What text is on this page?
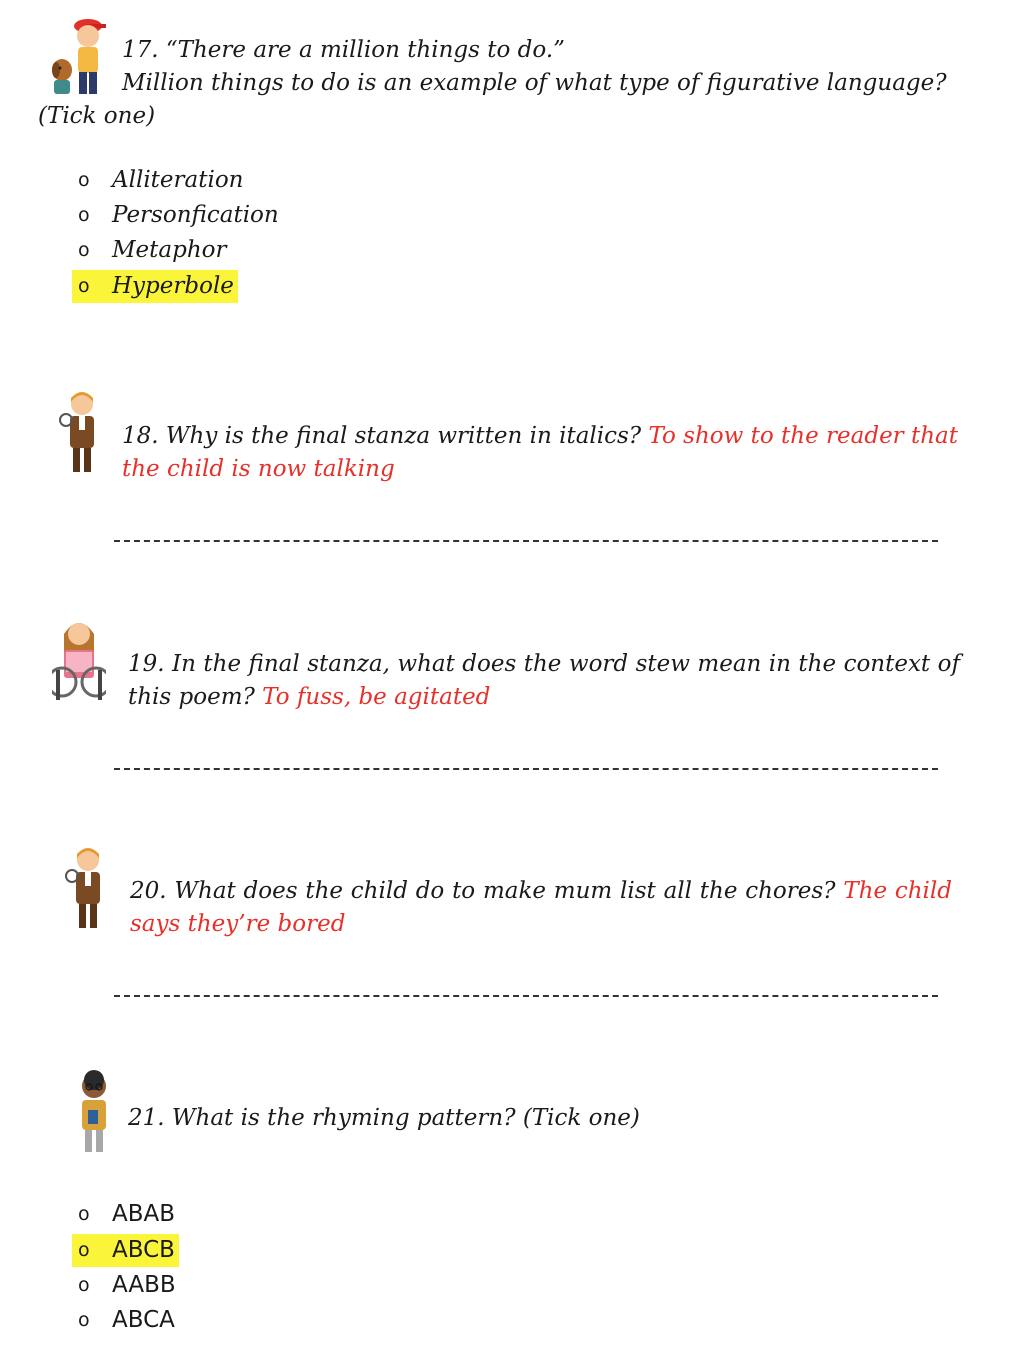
17. “There are a million things to do.”
Million things to do is an example of what type of figurative language?
(Tick one)
o Alliteration
o Personfication
o Metaphor
o Hyperbole
18. Why is the final stanza written in italics? To show to the reader that the child is now talking
19. In the final stanza, what does the word stew mean in the context of this poem? To fuss, be agitated
20. What does the child do to make mum list all the chores? The child says they’re bored
21. What is the rhyming pattern? (Tick one)
o ABAB
o ABCB
o AABB
o ABCA
